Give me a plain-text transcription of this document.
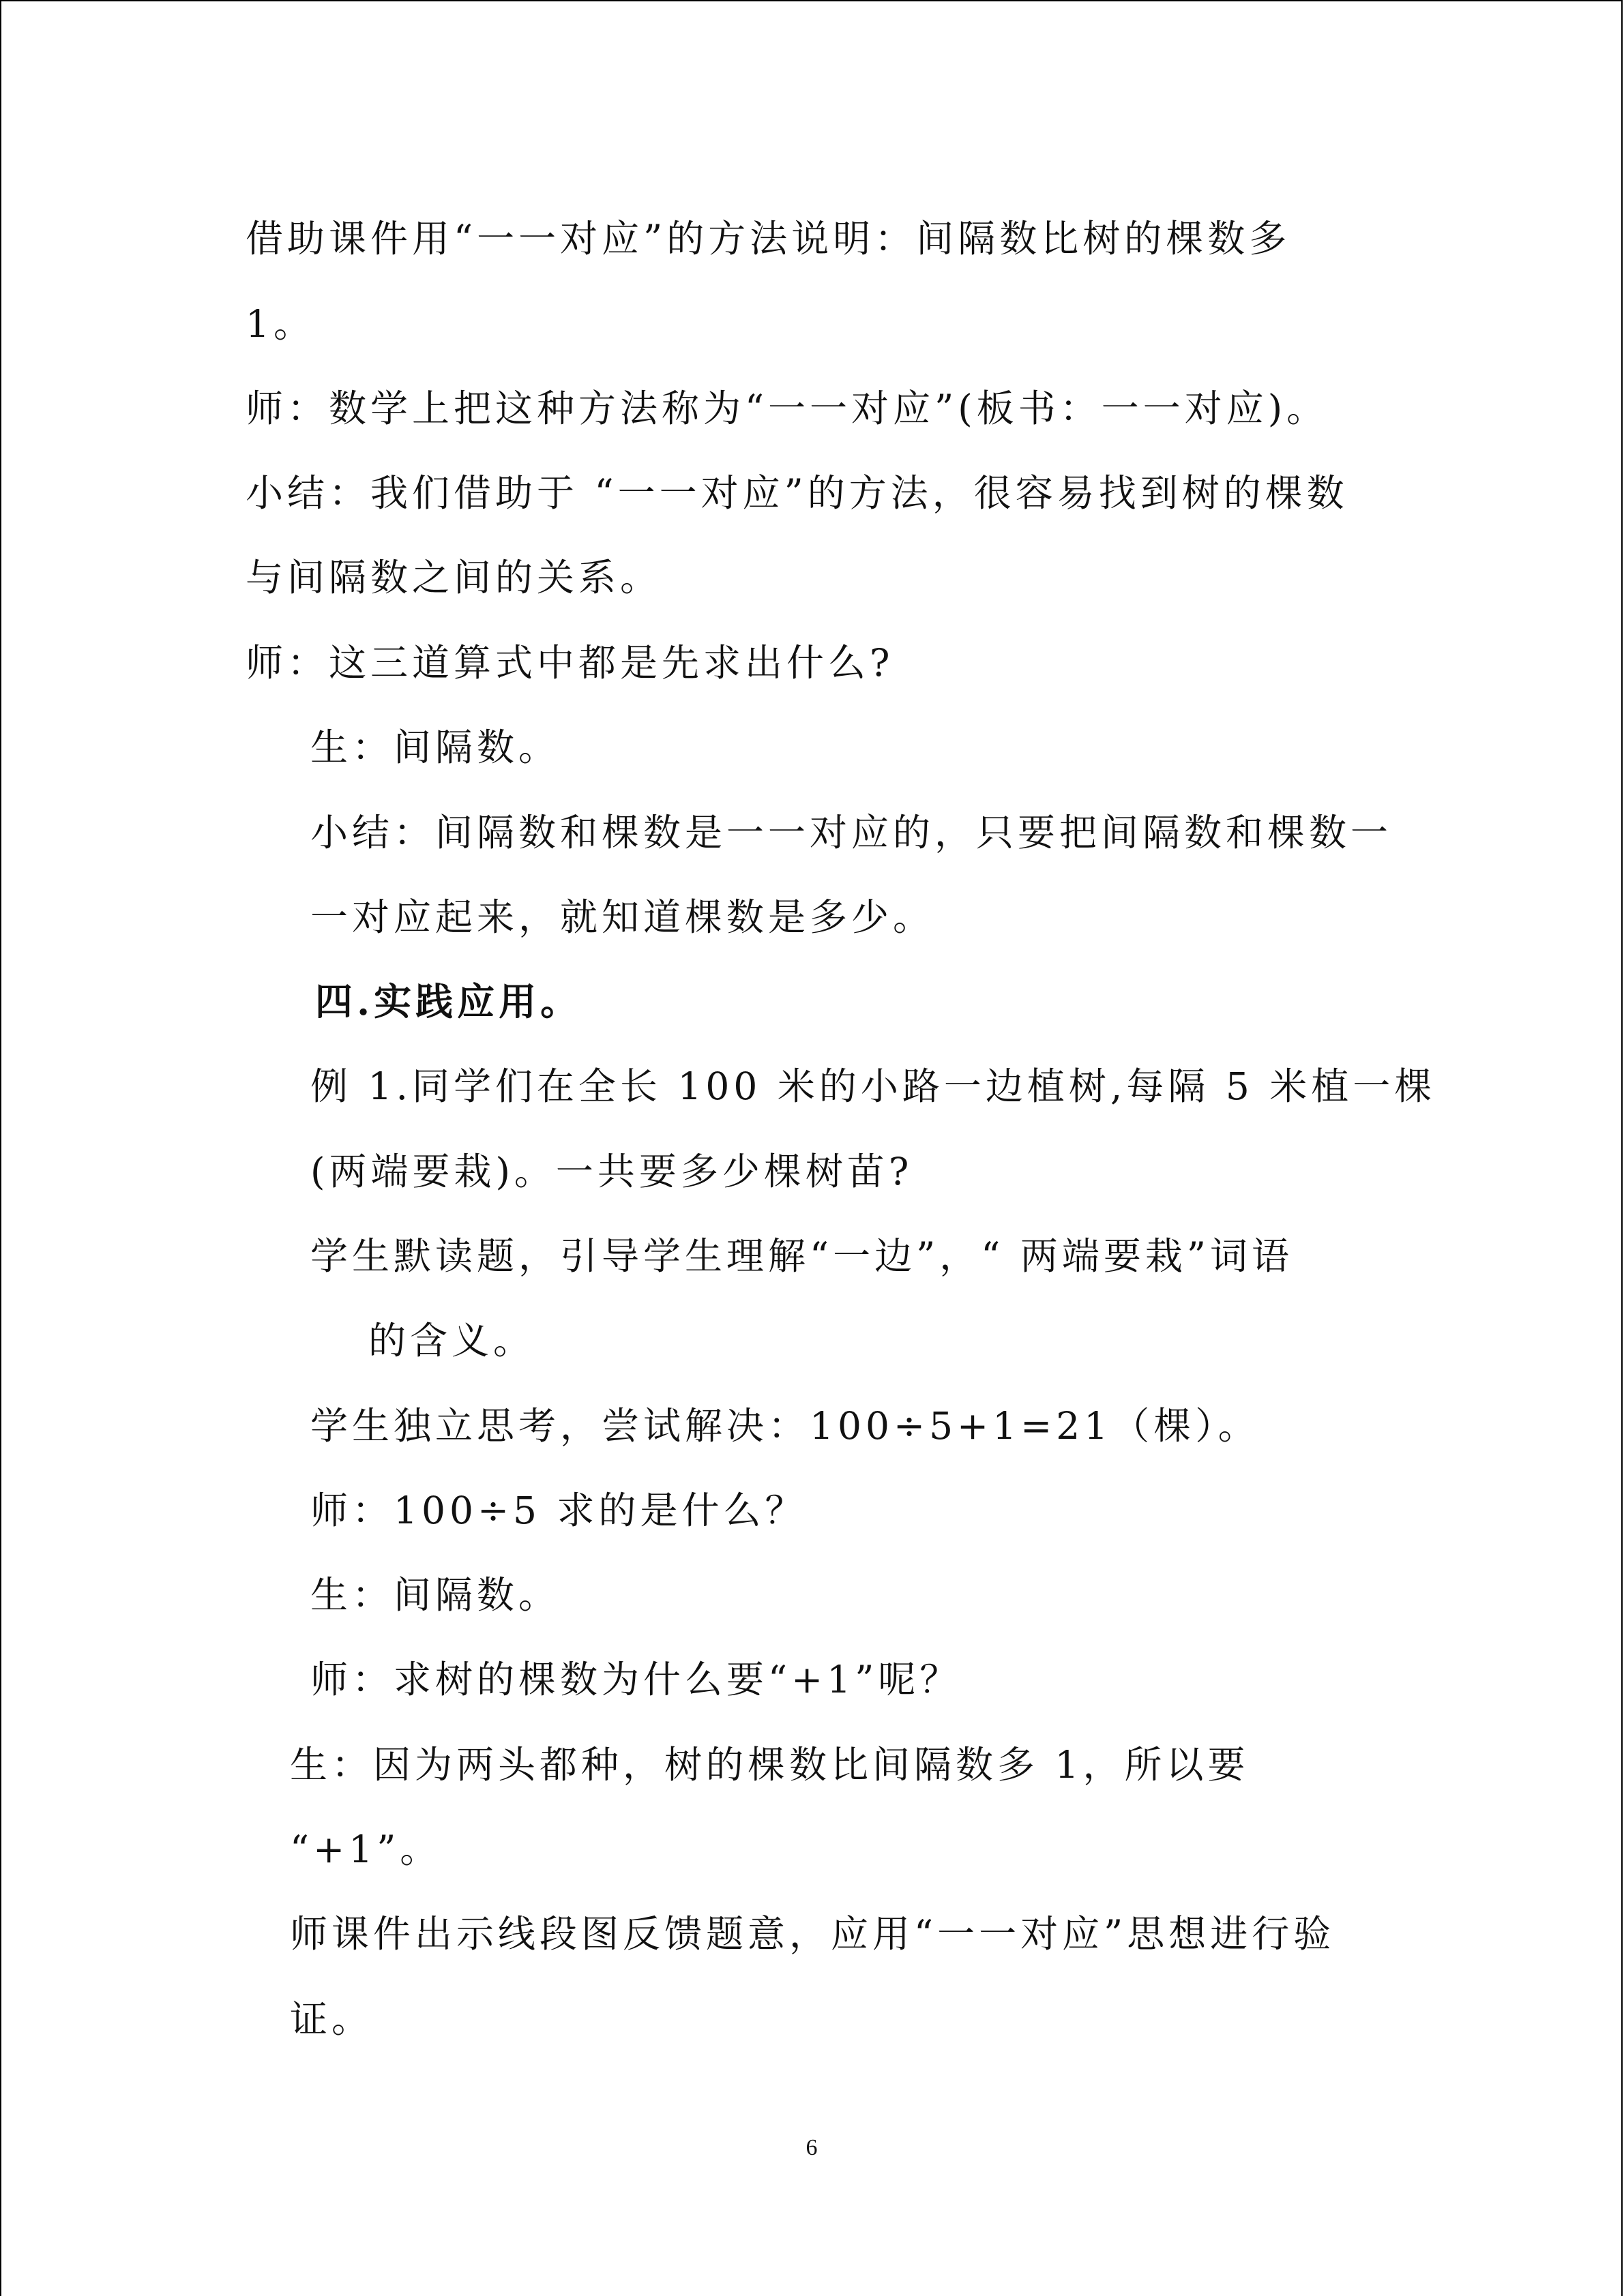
借助课件用“一一对应”的方法说明：间隔数比树的棵数多
1。
师：数学上把这种方法称为“一一对应”(板书：一一对应)。
小结：我们借助于 “一一对应”的方法，很容易找到树的棵数
与间隔数之间的关系。
师：这三道算式中都是先求出什么?
生：间隔数。
小结：间隔数和棵数是一一对应的，只要把间隔数和棵数一
一对应起来，就知道棵数是多少。
四.实践应用。
例 1.同学们在全长 100 米的小路一边植树,每隔 5 米植一棵
(两端要栽)。一共要多少棵树苗?
学生默读题，引导学生理解“一边”，“ 两端要栽”词语
的含义。
学生独立思考，尝试解决：100÷5+1=21（棵）。
师：100÷5 求的是什么？
生：间隔数。
师：求树的棵数为什么要“+1”呢？
生：因为两头都种，树的棵数比间隔数多 1，所以要
“+1”。
师课件出示线段图反馈题意，应用“一一对应”思想进行验
证。
6
